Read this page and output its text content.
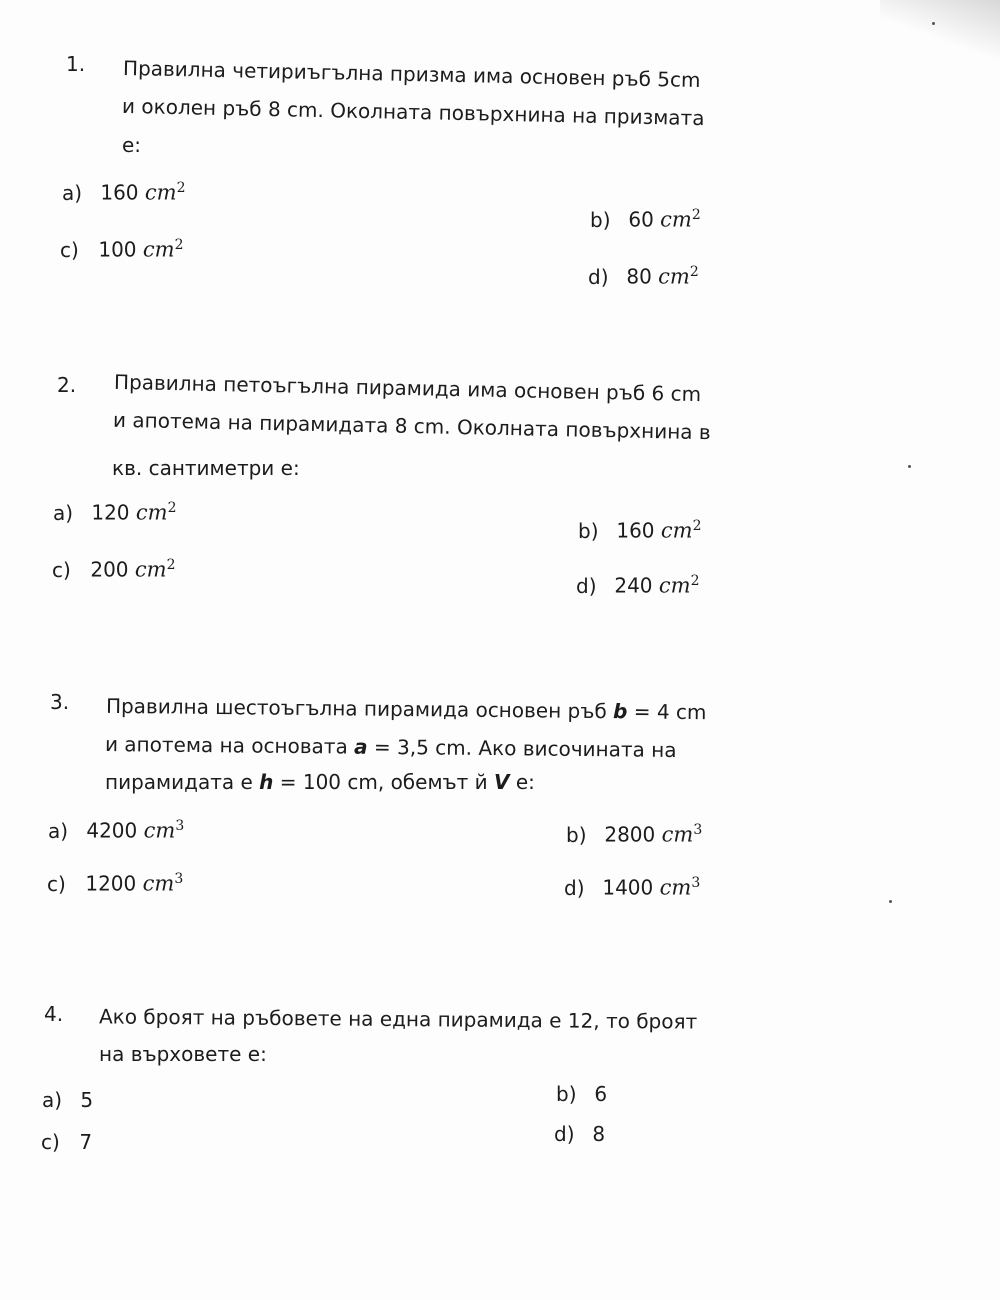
1. Правилна четириъгълна призма има основен ръб 5cm
и околен ръб 8 cm. Околната повърхнина на призмата
е:
a) 160 $cm^2$
b) 60 $cm^2$
c) 100 $cm^2$
d) 80 $cm^2$
2. Правилна петоъгълна пирамида има основен ръб 6 cm
и апотема на пирамидата 8 cm. Околната повърхнина в
кв. сантиметри е:
a) 120 $cm^2$
b) 160 $cm^2$
c) 200 $cm^2$
d) 240 $cm^2$
3. Правилна шестоъгълна пирамида основен ръб b = 4 cm
и апотема на основата a = 3,5 cm. Ако височината на
пирамидата е h = 100 cm, обемът й V е:
a) 4200 $cm^3$	b) 2800 $cm^3$
c) 1200 $cm^3$	d) 1400 $cm^3$
4. Ако броят на ръбовете на една пирамида е 12, то броят
на върховете е:
a) 5	b) 6
c) 7	d) 8
